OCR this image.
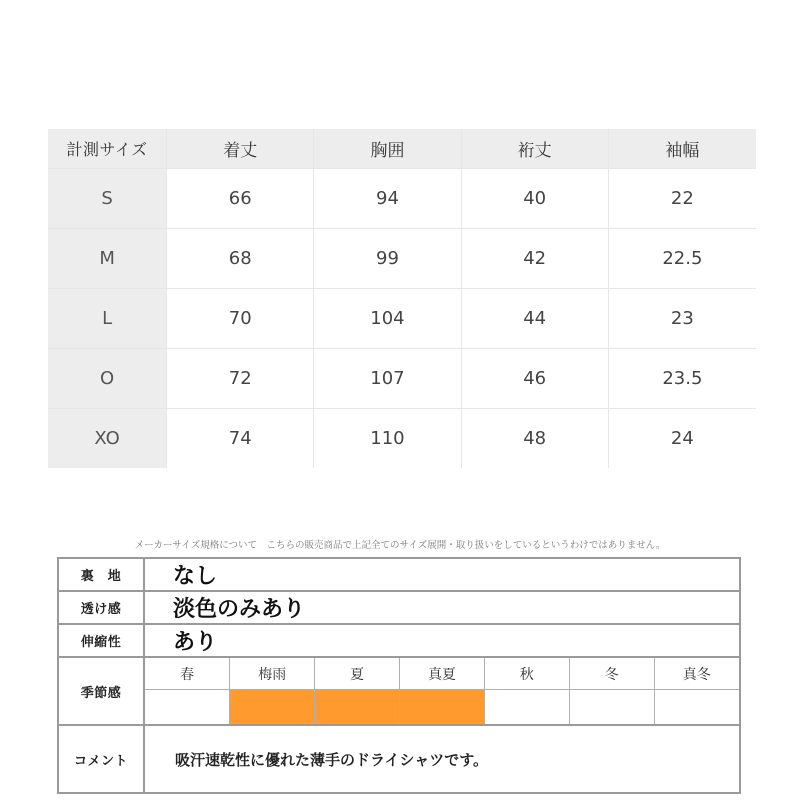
計測サイズ	着丈	胸囲	裄丈	袖幅
S	66	94	40	22
M	68	99	42	22.5
L	70	104	44	23
O	72	107	46	23.5
XO	74	110	48	24
メーカーサイズ規格について　こちらの販売商品で上記全てのサイズ展開・取り扱いをしているというわけではありません。
裏　地	なし
透け感	淡色のみあり
伸縮性	あり
季節感	
春	梅雨	夏	真夏	秋	冬	真冬

コメント	吸汗速乾性に優れた薄手のドライシャツです。
